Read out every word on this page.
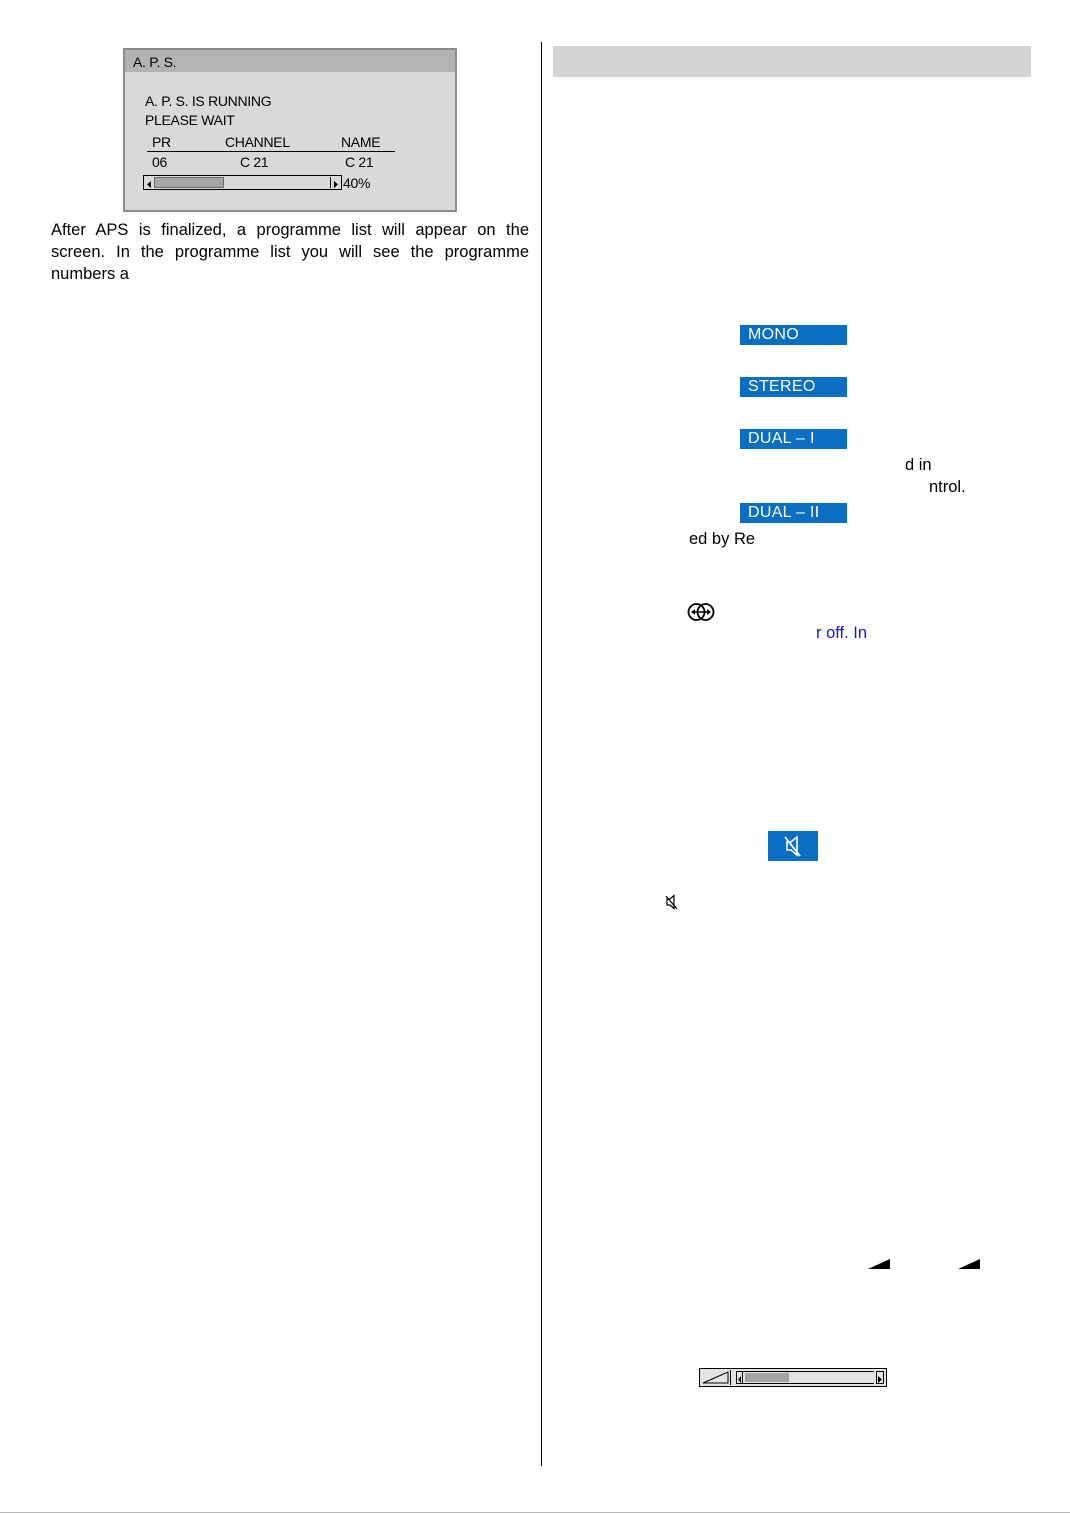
A. P. S.
A. P. S. IS RUNNING
PLEASE WAIT
PR	CHANNEL	NAME
06	C 21	C 21
40%
After APS is finalized, a programme list will appear on the
screen. In the programme list you will see the programme
numbers a
MONO
STEREO
DUAL – I
d in
ntrol.
DUAL – II
ed by Re
r off. In
